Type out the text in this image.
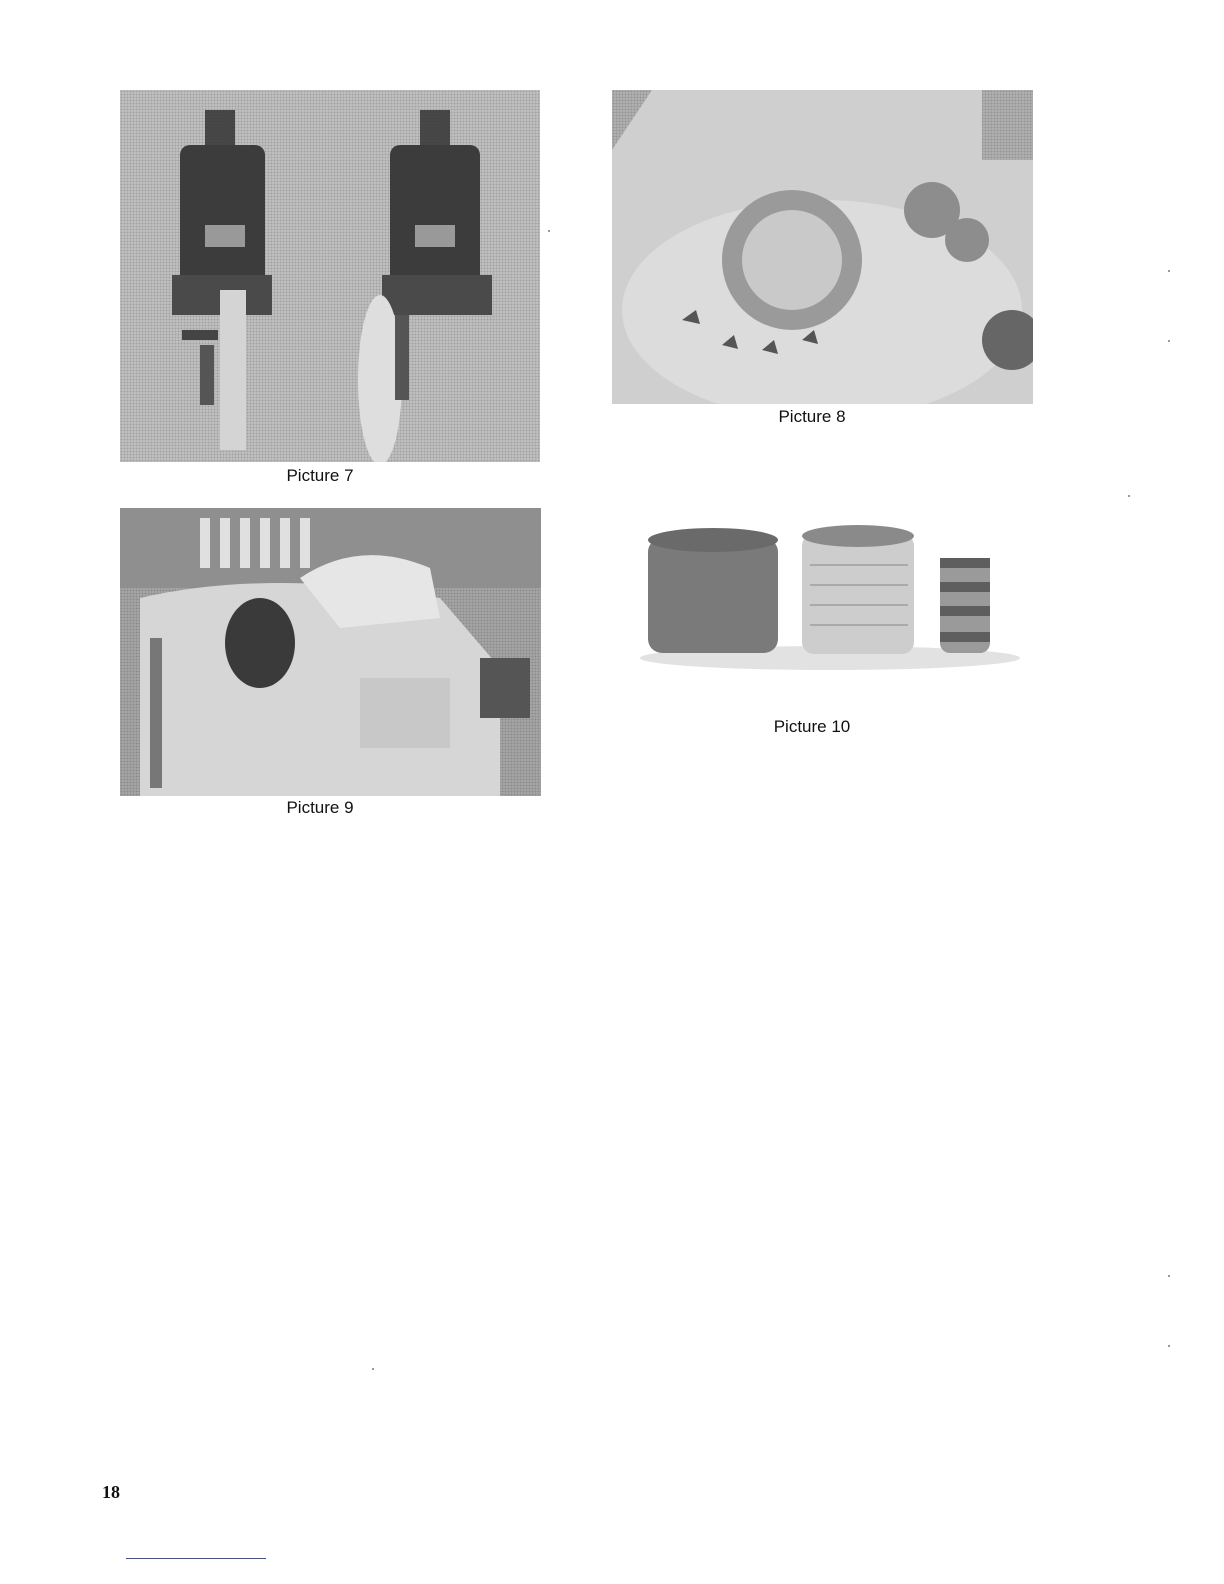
Picture 7
Picture 8
Picture 9
Picture 10
18
